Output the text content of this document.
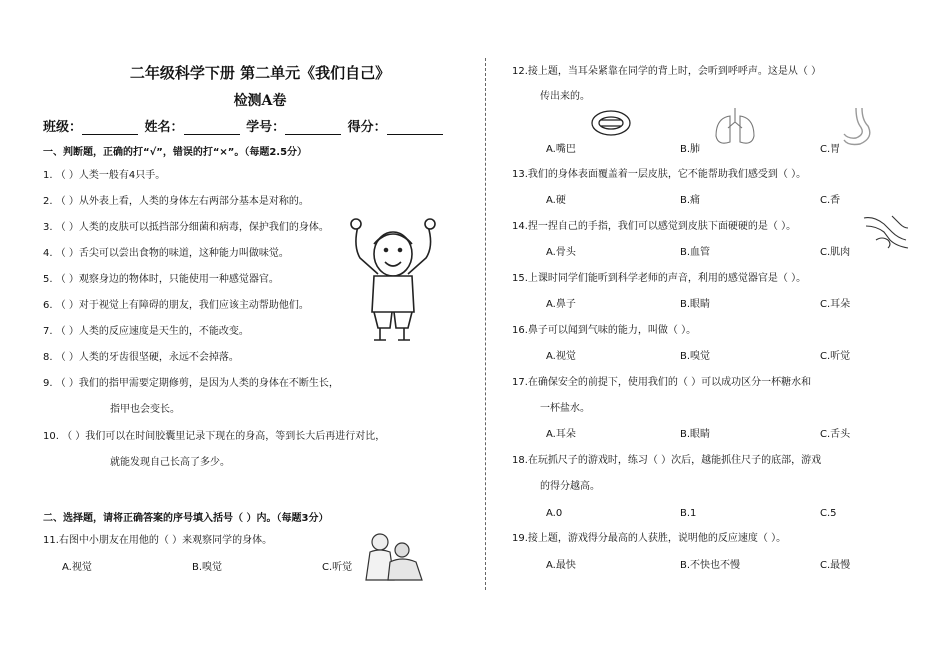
二年级科学下册 第二单元《我们自己》
检测A卷
班级：	姓名：	学号：	得分：
一、判断题，正确的打“√”，错误的打“×”。（每题2.5分）
1. （ ）人类一般有4只手。
2. （ ）从外表上看，人类的身体左右两部分基本是对称的。
3. （ ）人类的皮肤可以抵挡部分细菌和病毒，保护我们的身体。
4. （ ）舌尖可以尝出食物的味道，这种能力叫做味觉。
5. （ ）观察身边的物体时，只能使用一种感觉器官。
6. （ ）对于视觉上有障碍的朋友，我们应该主动帮助他们。
7. （ ）人类的反应速度是天生的，不能改变。
8. （ ）人类的牙齿很坚硬，永远不会掉落。
9. （ ）我们的指甲需要定期修剪，是因为人类的身体在不断生长，
指甲也会变长。
10. （ ）我们可以在时间胶囊里记录下现在的身高，等到长大后再进行对比，
就能发现自己长高了多少。
二、选择题，请将正确答案的序号填入括号（ ）内。（每题3分）
11.右图中小朋友在用他的（ ）来观察同学的身体。
A.视觉	B.嗅觉	C.听觉
12.接上题，当耳朵紧靠在同学的背上时，会听到呼呼声。这是从（ ）
传出来的。
A.嘴巴	B.肺	C.胃
13.我们的身体表面覆盖着一层皮肤，它不能帮助我们感受到（ ）。
A.硬	B.痛	C.香
14.捏一捏自己的手指，我们可以感觉到皮肤下面硬硬的是（ ）。
A.骨头	B.血管	C.肌肉
15.上课时同学们能听到科学老师的声音，利用的感觉器官是（ ）。
A.鼻子	B.眼睛	C.耳朵
16.鼻子可以闻到气味的能力，叫做（ ）。
A.视觉	B.嗅觉	C.听觉
17.在确保安全的前提下，使用我们的（ ）可以成功区分一杯糖水和
一杯盐水。
A.耳朵	B.眼睛	C.舌头
18.在玩抓尺子的游戏时，练习（ ）次后，越能抓住尺子的底部，游戏
的得分越高。
A.0	B.1	C.5
19.接上题，游戏得分最高的人获胜，说明他的反应速度（ ）。
A.最快	B.不快也不慢	C.最慢
